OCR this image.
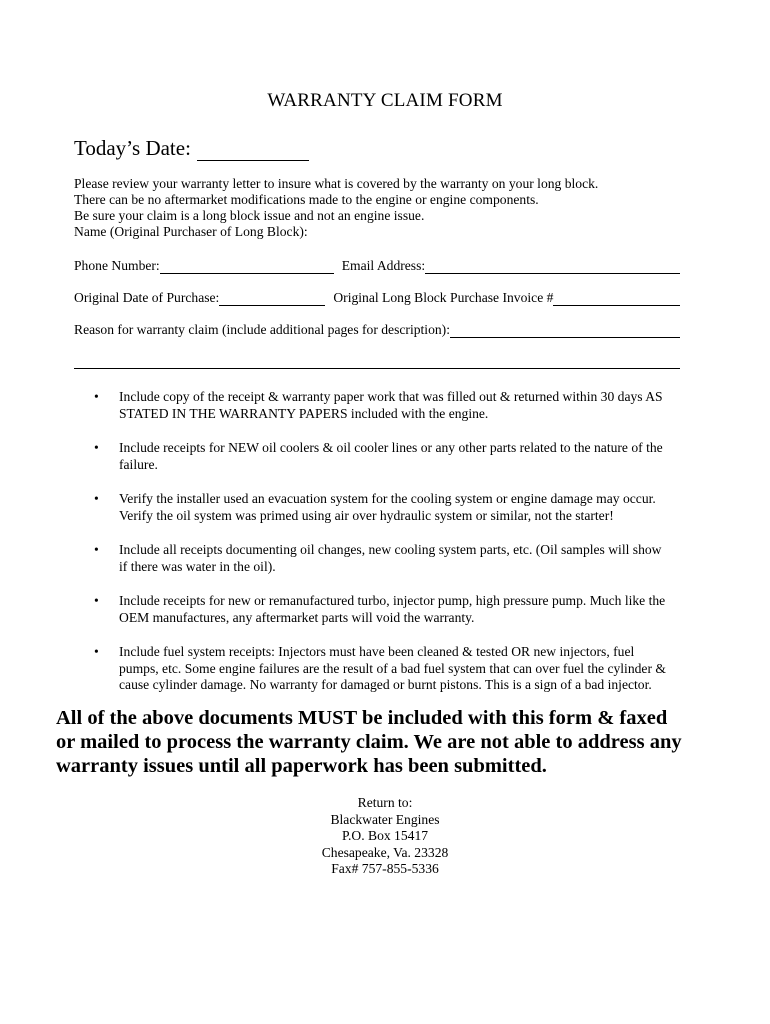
WARRANTY CLAIM FORM
Today’s Date:
Please review your warranty letter to insure what is covered by the warranty on your long block.
There can be no aftermarket modifications made to the engine or engine components.
Be sure your claim is a long block issue and not an engine issue.
Name (Original Purchaser of Long Block):
Phone Number:	Email Address:
Original Date of Purchase:	Original Long Block Purchase Invoice #
Reason for warranty claim (include additional pages for description):
• Include copy of the receipt & warranty paper work that was filled out & returned within 30 days AS
STATED IN THE WARRANTY PAPERS included with the engine.
• Include receipts for NEW oil coolers & oil cooler lines or any other parts related to the nature of the
failure.
• Verify the installer used an evacuation system for the cooling system or engine damage may occur.
Verify the oil system was primed using air over hydraulic system or similar, not the starter!
• Include all receipts documenting oil changes, new cooling system parts, etc. (Oil samples will show
if there was water in the oil).
• Include receipts for new or remanufactured turbo, injector pump, high pressure pump. Much like the
OEM manufactures, any aftermarket parts will void the warranty.
• Include fuel system receipts: Injectors must have been cleaned & tested OR new injectors, fuel
pumps, etc. Some engine failures are the result of a bad fuel system that can over fuel the cylinder &
cause cylinder damage. No warranty for damaged or burnt pistons. This is a sign of a bad injector.
All of the above documents MUST be included with this form & faxed
or mailed to process the warranty claim. We are not able to address any
warranty issues until all paperwork has been submitted.
Return to:
Blackwater Engines
P.O. Box 15417
Chesapeake, Va. 23328
Fax# 757-855-5336
